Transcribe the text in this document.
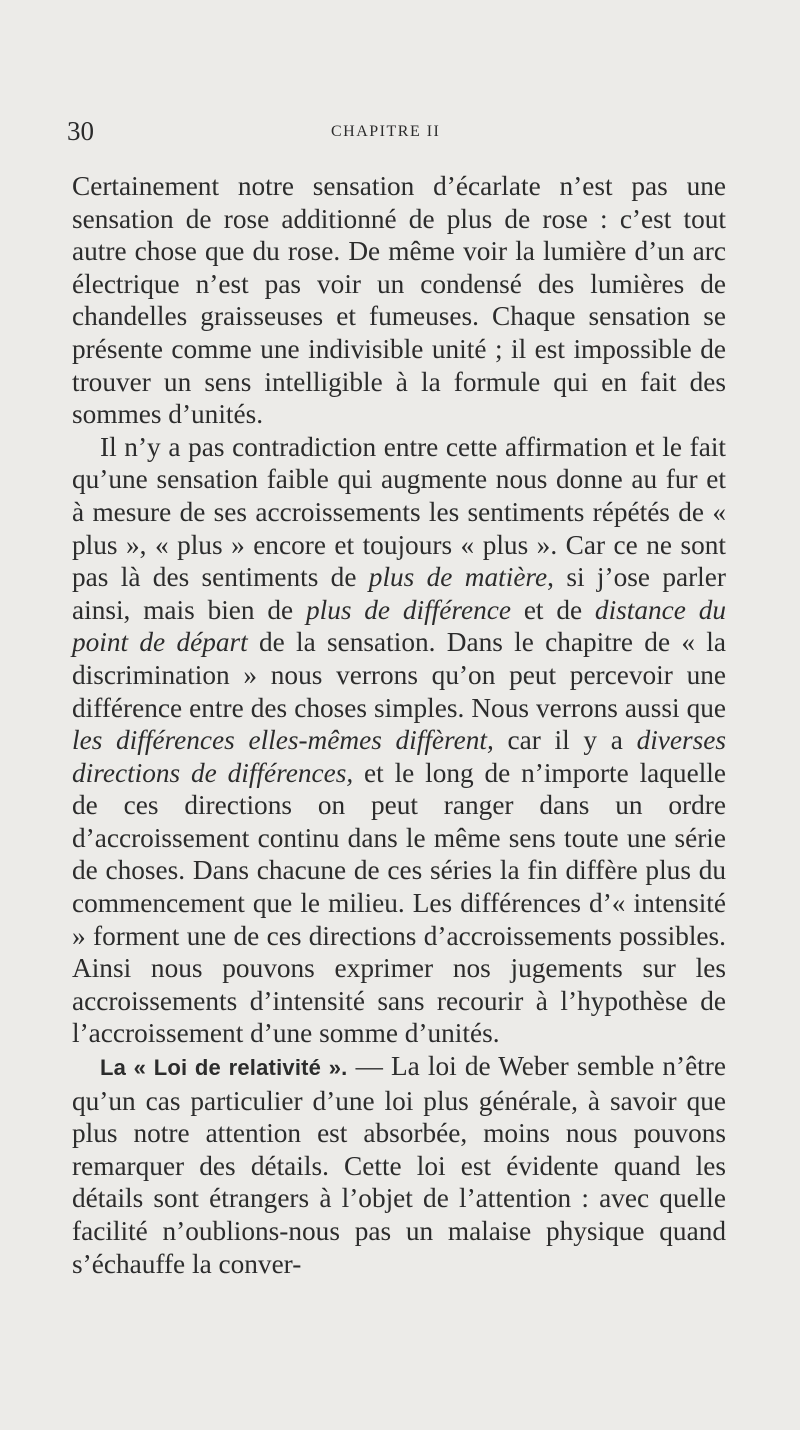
30	CHAPITRE II

Certainement notre sensation d’écarlate n’est pas une sensation de rose additionné de plus de rose : c’est tout autre chose que du rose. De même voir la lumière d’un arc électrique n’est pas voir un condensé des lumières de chandelles graisseuses et fumeuses. Chaque sensation se présente comme une indivisible unité ; il est impossible de trouver un sens intelligible à la formule qui en fait des sommes d’unités.

Il n’y a pas contradiction entre cette affirmation et le fait qu’une sensation faible qui augmente nous donne au fur et à mesure de ses accroissements les sentiments répétés de « plus », « plus » encore et toujours « plus ». Car ce ne sont pas là des sentiments de plus de matière, si j’ose parler ainsi, mais bien de plus de différence et de distance du point de départ de la sensation. Dans le chapitre de « la discrimination » nous verrons qu’on peut percevoir une différence entre des choses simples. Nous verrons aussi que les différences elles-mêmes diffèrent, car il y a diverses directions de différences, et le long de n’importe laquelle de ces directions on peut ranger dans un ordre d’accroissement continu dans le même sens toute une série de choses. Dans chacune de ces séries la fin diffère plus du commencement que le milieu. Les différences d’« intensité » forment une de ces directions d’accroissements possibles. Ainsi nous pouvons exprimer nos jugements sur les accroissements d’intensité sans recourir à l’hypothèse de l’accroissement d’une somme d’unités.

La « Loi de relativité ». — La loi de Weber semble n’être qu’un cas particulier d’une loi plus générale, à savoir que plus notre attention est absorbée, moins nous pouvons remarquer des détails. Cette loi est évidente quand les détails sont étrangers à l’objet de l’attention : avec quelle facilité n’oublions-nous pas un malaise physique quand s’échauffe la conver-
